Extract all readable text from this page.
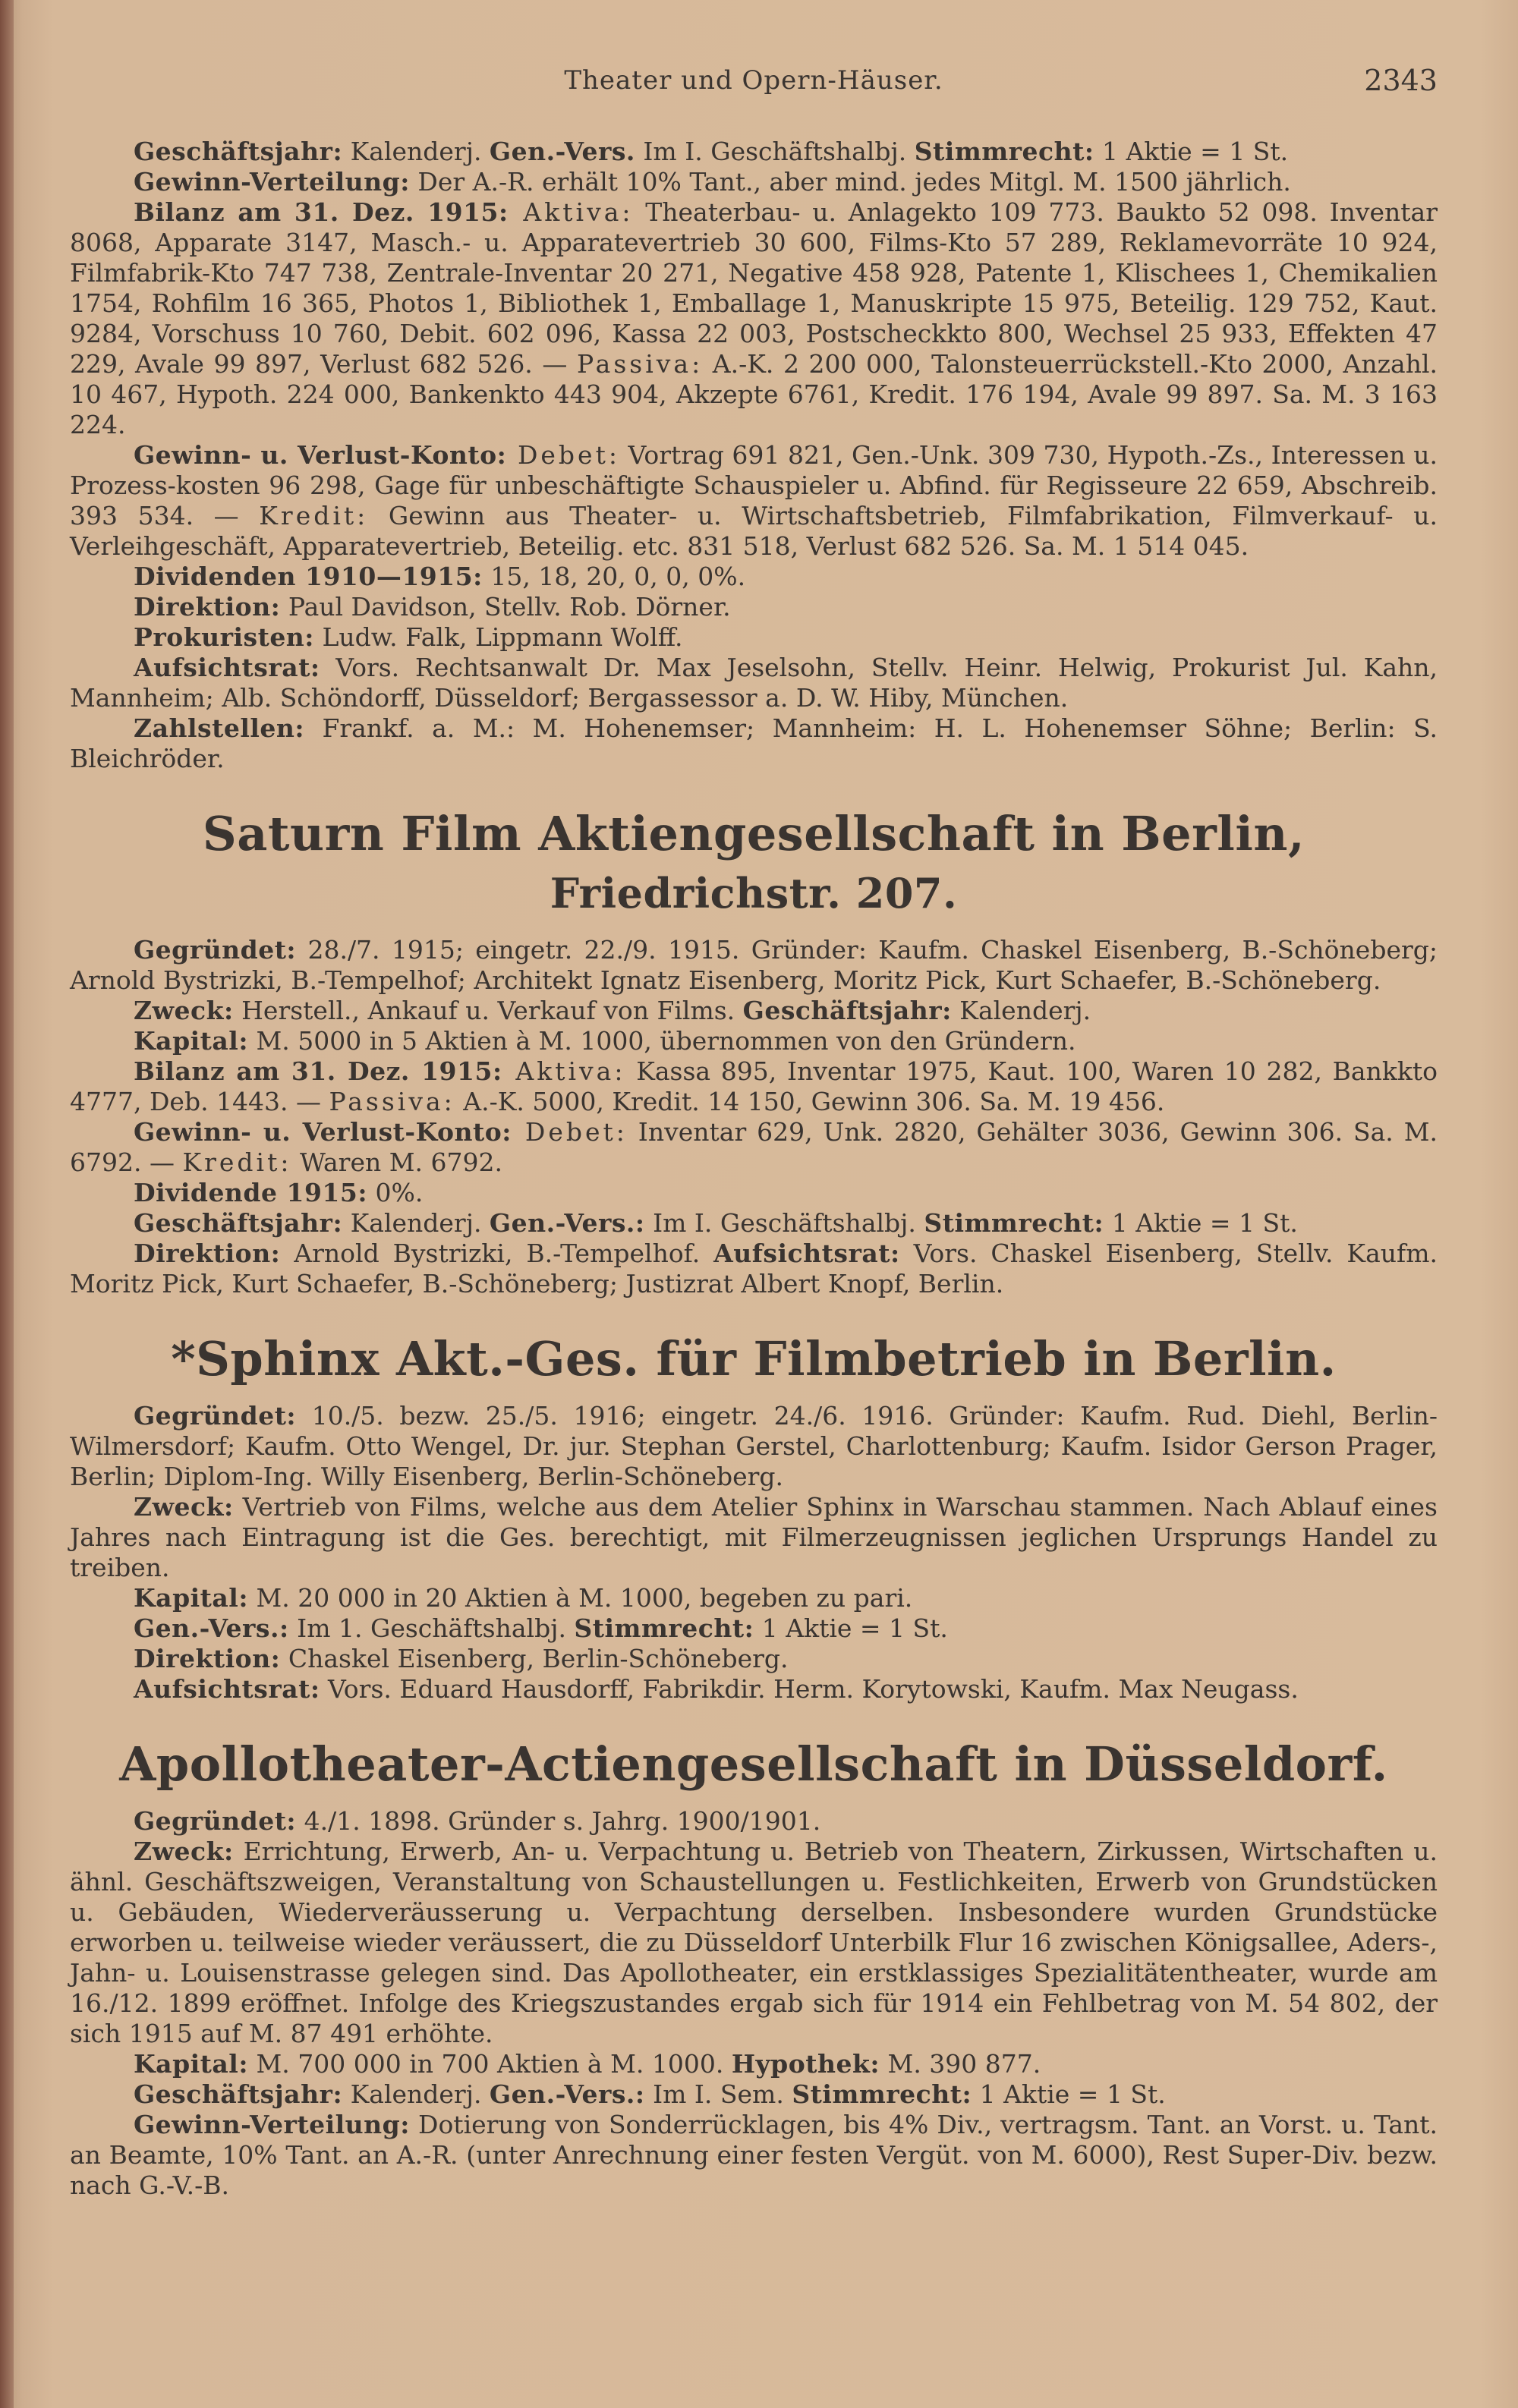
Theater und Opern-Häuser.	2343

Geschäftsjahr: Kalenderj. Gen.-Vers. Im I. Geschäftshalbj. Stimmrecht: 1 Aktie = 1 St.

Gewinn-Verteilung: Der A.-R. erhält 10% Tant., aber mind. jedes Mitgl. M. 1500 jährlich.

Bilanz am 31. Dez. 1915: Aktiva: Theaterbau- u. Anlagekto 109 773. Baukto 52 098. Inventar 8068, Apparate 3147, Masch.- u. Apparatevertrieb 30 600, Films-Kto 57 289, Reklamevorräte 10 924, Filmfabrik-Kto 747 738, Zentrale-Inventar 20 271, Negative 458 928, Patente 1, Klischees 1, Chemikalien 1754, Rohfilm 16 365, Photos 1, Bibliothek 1, Emballage 1, Manuskripte 15 975, Beteilig. 129 752, Kaut. 9284, Vorschuss 10 760, Debit. 602 096, Kassa 22 003, Postscheckkto 800, Wechsel 25 933, Effekten 47 229, Avale 99 897, Verlust 682 526. — Passiva: A.-K. 2 200 000, Talonsteuerrückstell.-Kto 2000, Anzahl. 10 467, Hypoth. 224 000, Bankenkto 443 904, Akzepte 6761, Kredit. 176 194, Avale 99 897. Sa. M. 3 163 224.

Gewinn- u. Verlust-Konto: Debet: Vortrag 691 821, Gen.-Unk. 309 730, Hypoth.-Zs., Interessen u. Prozess-kosten 96 298, Gage für unbeschäftigte Schauspieler u. Abfind. für Regisseure 22 659, Abschreib. 393 534. — Kredit: Gewinn aus Theater- u. Wirtschaftsbetrieb, Filmfabrikation, Filmverkauf- u. Verleihgeschäft, Apparatevertrieb, Beteilig. etc. 831 518, Verlust 682 526. Sa. M. 1 514 045.

Dividenden 1910—1915: 15, 18, 20, 0, 0, 0%.

Direktion: Paul Davidson, Stellv. Rob. Dörner.

Prokuristen: Ludw. Falk, Lippmann Wolff.

Aufsichtsrat: Vors. Rechtsanwalt Dr. Max Jeselsohn, Stellv. Heinr. Helwig, Prokurist Jul. Kahn, Mannheim; Alb. Schöndorff, Düsseldorf; Bergassessor a. D. W. Hiby, München.

Zahlstellen: Frankf. a. M.: M. Hohenemser; Mannheim: H. L. Hohenemser Söhne; Berlin: S. Bleichröder.

Saturn Film Aktiengesellschaft in Berlin, Friedrichstr. 207.

Gegründet: 28./7. 1915; eingetr. 22./9. 1915. Gründer: Kaufm. Chaskel Eisenberg, B.-Schöneberg; Arnold Bystrizki, B.-Tempelhof; Architekt Ignatz Eisenberg, Moritz Pick, Kurt Schaefer, B.-Schöneberg.

Zweck: Herstell., Ankauf u. Verkauf von Films. Geschäftsjahr: Kalenderj.

Kapital: M. 5000 in 5 Aktien à M. 1000, übernommen von den Gründern.

Bilanz am 31. Dez. 1915: Aktiva: Kassa 895, Inventar 1975, Kaut. 100, Waren 10 282, Bankkto 4777, Deb. 1443. — Passiva: A.-K. 5000, Kredit. 14 150, Gewinn 306. Sa. M. 19 456.

Gewinn- u. Verlust-Konto: Debet: Inventar 629, Unk. 2820, Gehälter 3036, Gewinn 306. Sa. M. 6792. — Kredit: Waren M. 6792.

Dividende 1915: 0%.

Geschäftsjahr: Kalenderj. Gen.-Vers.: Im I. Geschäftshalbj. Stimmrecht: 1 Aktie = 1 St.

Direktion: Arnold Bystrizki, B.-Tempelhof. Aufsichtsrat: Vors. Chaskel Eisenberg, Stellv. Kaufm. Moritz Pick, Kurt Schaefer, B.-Schöneberg; Justizrat Albert Knopf, Berlin.

*Sphinx Akt.-Ges. für Filmbetrieb in Berlin.

Gegründet: 10./5. bezw. 25./5. 1916; eingetr. 24./6. 1916. Gründer: Kaufm. Rud. Diehl, Berlin-Wilmersdorf; Kaufm. Otto Wengel, Dr. jur. Stephan Gerstel, Charlottenburg; Kaufm. Isidor Gerson Prager, Berlin; Diplom-Ing. Willy Eisenberg, Berlin-Schöneberg.

Zweck: Vertrieb von Films, welche aus dem Atelier Sphinx in Warschau stammen. Nach Ablauf eines Jahres nach Eintragung ist die Ges. berechtigt, mit Filmerzeugnissen jeglichen Ursprungs Handel zu treiben.

Kapital: M. 20 000 in 20 Aktien à M. 1000, begeben zu pari.

Gen.-Vers.: Im 1. Geschäftshalbj. Stimmrecht: 1 Aktie = 1 St.

Direktion: Chaskel Eisenberg, Berlin-Schöneberg.

Aufsichtsrat: Vors. Eduard Hausdorff, Fabrikdir. Herm. Korytowski, Kaufm. Max Neugass.

Apollotheater-Actiengesellschaft in Düsseldorf.

Gegründet: 4./1. 1898. Gründer s. Jahrg. 1900/1901.

Zweck: Errichtung, Erwerb, An- u. Verpachtung u. Betrieb von Theatern, Zirkussen, Wirtschaften u. ähnl. Geschäftszweigen, Veranstaltung von Schaustellungen u. Festlichkeiten, Erwerb von Grundstücken u. Gebäuden, Wiederveräusserung u. Verpachtung derselben. Insbesondere wurden Grundstücke erworben u. teilweise wieder veräussert, die zu Düsseldorf Unterbilk Flur 16 zwischen Königsallee, Aders-, Jahn- u. Louisenstrasse gelegen sind. Das Apollotheater, ein erstklassiges Spezialitätentheater, wurde am 16./12. 1899 eröffnet. Infolge des Kriegszustandes ergab sich für 1914 ein Fehlbetrag von M. 54 802, der sich 1915 auf M. 87 491 erhöhte.

Kapital: M. 700 000 in 700 Aktien à M. 1000. Hypothek: M. 390 877.

Geschäftsjahr: Kalenderj. Gen.-Vers.: Im I. Sem. Stimmrecht: 1 Aktie = 1 St.

Gewinn-Verteilung: Dotierung von Sonderrücklagen, bis 4% Div., vertragsm. Tant. an Vorst. u. Tant. an Beamte, 10% Tant. an A.-R. (unter Anrechnung einer festen Vergüt. von M. 6000), Rest Super-Div. bezw. nach G.-V.-B.
